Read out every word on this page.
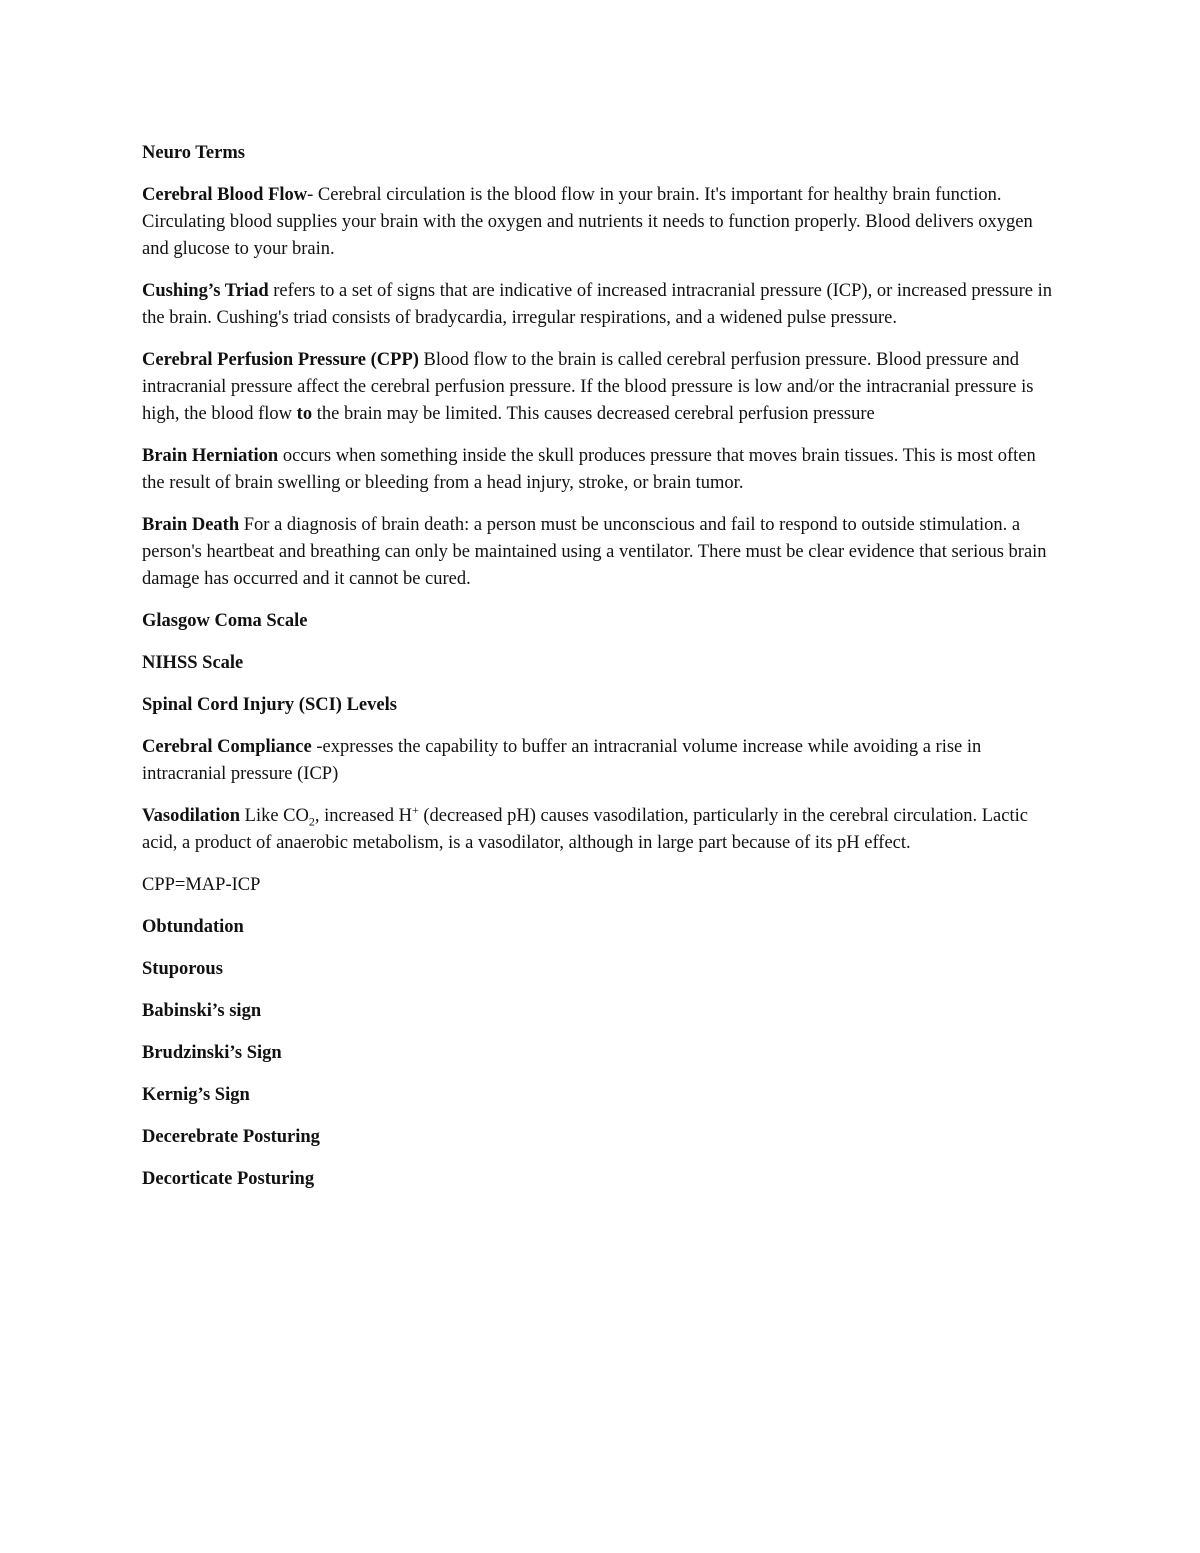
Neuro Terms

Cerebral Blood Flow- Cerebral circulation is the blood flow in your brain. It's important for healthy brain function. Circulating blood supplies your brain with the oxygen and nutrients it needs to function properly. Blood delivers oxygen and glucose to your brain.

Cushing’s Triad refers to a set of signs that are indicative of increased intracranial pressure (ICP), or increased pressure in the brain. Cushing's triad consists of bradycardia, irregular respirations, and a widened pulse pressure.

Cerebral Perfusion Pressure (CPP) Blood flow to the brain is called cerebral perfusion pressure. Blood pressure and intracranial pressure affect the cerebral perfusion pressure. If the blood pressure is low and/or the intracranial pressure is high, the blood flow to the brain may be limited. This causes decreased cerebral perfusion pressure

Brain Herniation occurs when something inside the skull produces pressure that moves brain tissues. This is most often the result of brain swelling or bleeding from a head injury, stroke, or brain tumor.

Brain Death For a diagnosis of brain death: a person must be unconscious and fail to respond to outside stimulation. a person's heartbeat and breathing can only be maintained using a ventilator. There must be clear evidence that serious brain damage has occurred and it cannot be cured.

Glasgow Coma Scale

NIHSS Scale

Spinal Cord Injury (SCI) Levels

Cerebral Compliance -expresses the capability to buffer an intracranial volume increase while avoiding a rise in intracranial pressure (ICP)

Vasodilation Like $CO_2$, increased H+ (decreased pH) causes vasodilation, particularly in the cerebral circulation. Lactic acid, a product of anaerobic metabolism, is a vasodilator, although in large part because of its pH effect.

CPP=MAP-ICP

Obtundation

Stuporous

Babinski’s sign

Brudzinski’s Sign

Kernig’s Sign

Decerebrate Posturing

Decorticate Posturing
